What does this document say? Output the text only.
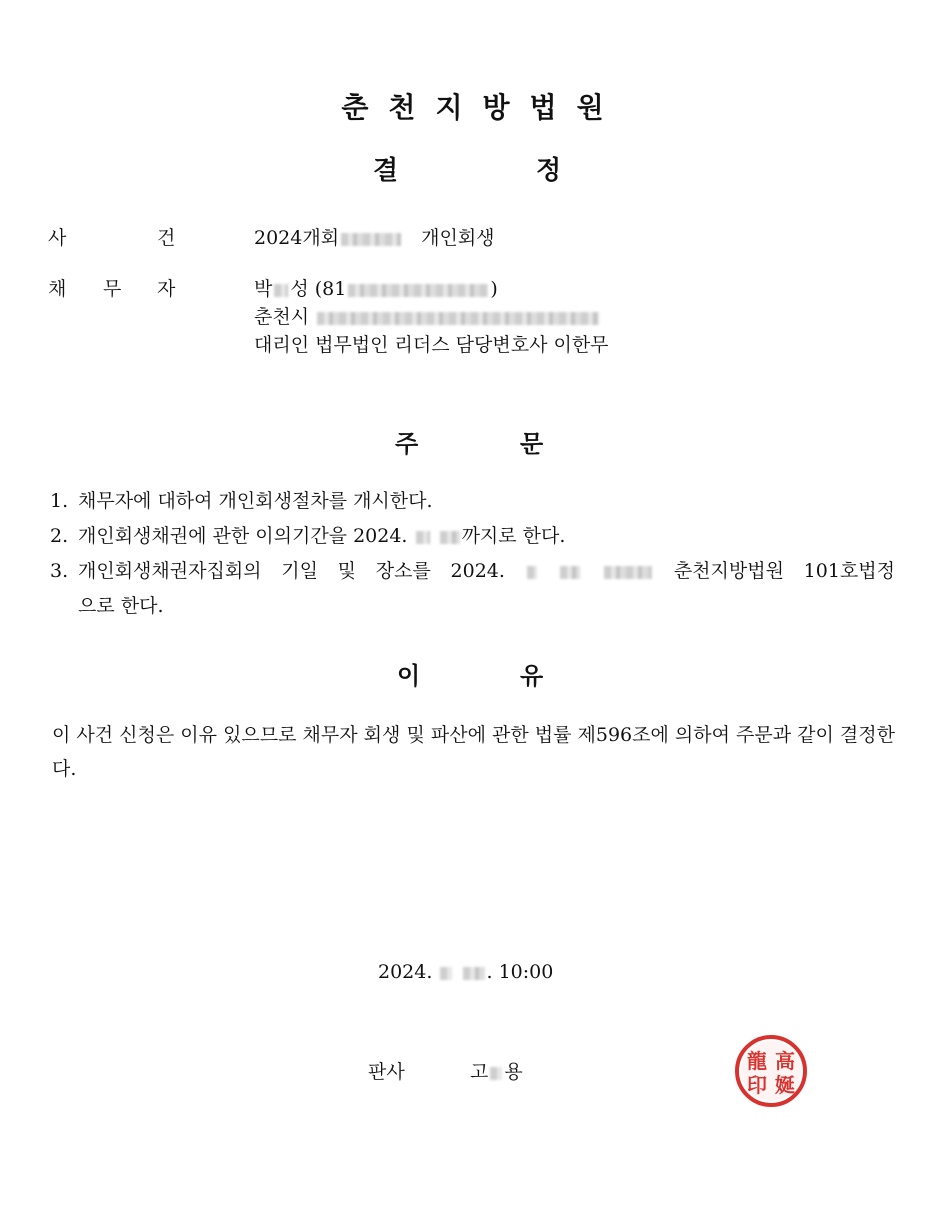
춘천지방법원
결	정
사	건	2024개회	개인회생
채 무 자	박 성 (81	)
춘천시
대리인 법무법인 리더스 담당변호사 이한무
주	문
1. 채무자에 대하여 개인회생절차를 개시한다.
2. 개인회생채권에 관한 이의기간을 2024.	까지로 한다.
3. 개인회생채권자집회의 기일 및 장소를 2024.	춘천지방법원 101호법정
으로 한다.
이	유
이 사건 신청은 이유 있으므로 채무자 회생 및 파산에 관한 법률 제596조에 의하여 주문과 같이 결정한다.
2024.	. 10:00
판사	고 용	龍 高
印 娫
